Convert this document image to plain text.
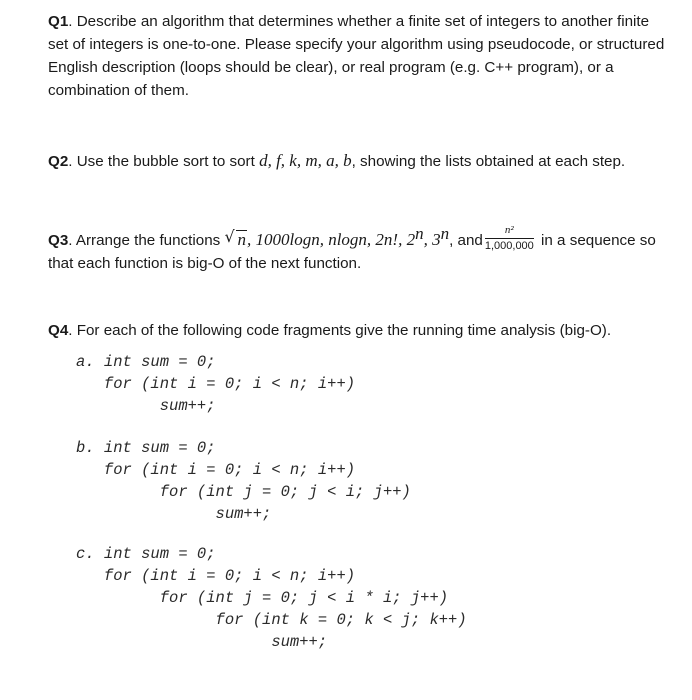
Q1. Describe an algorithm that determines whether a finite set of integers to another finite set of integers is one-to-one. Please specify your algorithm using pseudocode, or structured English description (loops should be clear), or real program (e.g. C++ program), or a combination of them.
Q2. Use the bubble sort to sort d, f, k, m, a, b, showing the lists obtained at each step.
Q3. Arrange the functions √ n, 1000logn, nlogn, 2n!, 2$^n$, 3$^n$, and $\frac{\text{n²}}{1,000,000}$ in a sequence so that each function is big-O of the next function.
Q4. For each of the following code fragments give the running time analysis (big-O).
a. int sum = 0;
for (int i = 0; i < n; i++)
sum++;
b. int sum = 0;
for (int i = 0; i < n; i++)
for (int j = 0; j < i; j++)
sum++;
c. int sum = 0;
for (int i = 0; i < n; i++)
for (int j = 0; j < i * i; j++)
for (int k = 0; k < j; k++)
sum++;
